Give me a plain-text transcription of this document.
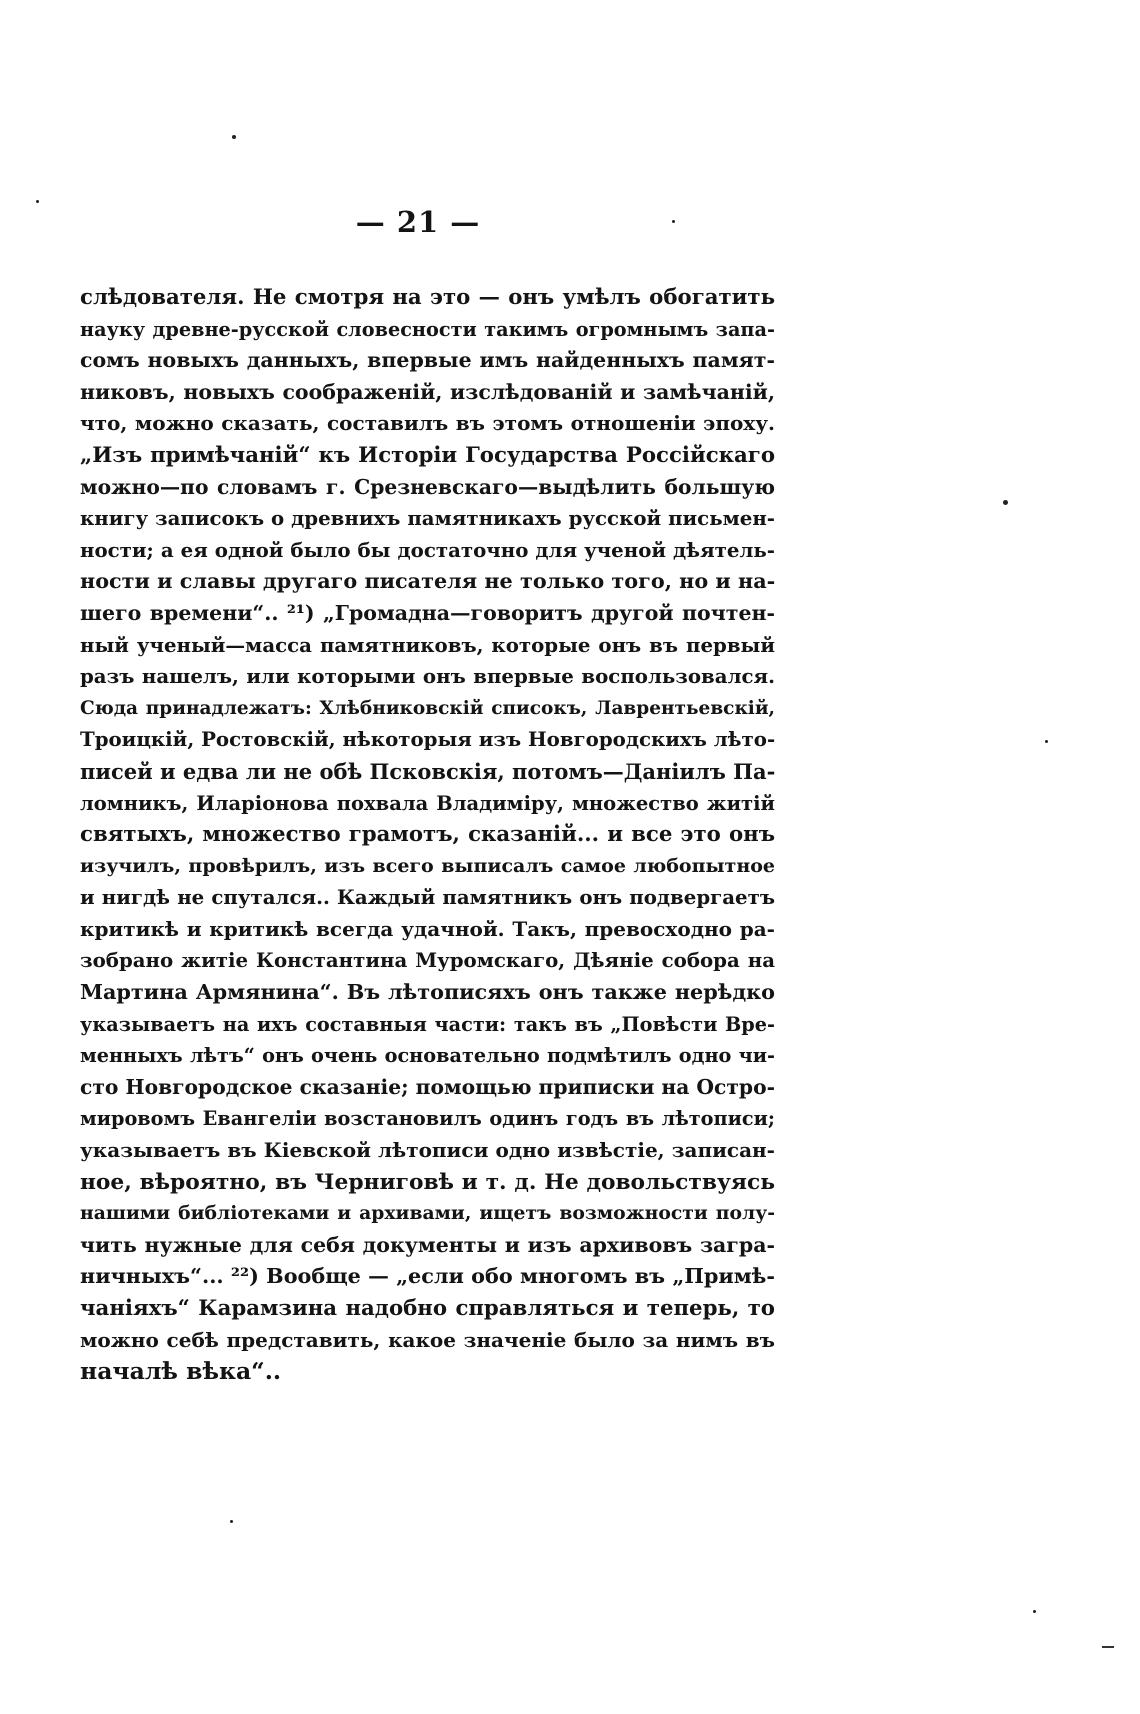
— 21 —
слѣдователя. Не смотря на это — онъ умѣлъ обогатить
науку древне-русской словесности такимъ огромнымъ запа-
сомъ новыхъ данныхъ, впервые имъ найденныхъ памят-
никовъ, новыхъ соображеній, изслѣдованій и замѣчаній,
что, можно сказать, составилъ въ этомъ отношеніи эпоху.
„Изъ примѣчаній“ къ Исторіи Государства Россійскаго
можно—по словамъ г. Срезневскаго—выдѣлить большую
книгу записокъ о древнихъ памятникахъ русской письмен-
ности; а ея одной было бы достаточно для ученой дѣятель-
ности и славы другаго писателя не только того, но и на-
шего времени“.. ²¹) „Громадна—говоритъ другой почтен-
ный ученый—масса памятниковъ, которые онъ въ первый
разъ нашелъ, или которыми онъ впервые воспользовался.
Сюда принадлежатъ: Хлѣбниковскій списокъ, Лаврентьевскій,
Троицкій, Ростовскій, нѣкоторыя изъ Новгородскихъ лѣто-
писей и едва ли не обѣ Псковскія, потомъ—Даніилъ Па-
ломникъ, Иларіонова похвала Владиміру, множество житій
святыхъ, множество грамотъ, сказаній... и все это онъ
изучилъ, провѣрилъ, изъ всего выписалъ самое любопытное
и нигдѣ не спутался.. Каждый памятникъ онъ подвергаетъ
критикѣ и критикѣ всегда удачной. Такъ, превосходно ра-
зобрано житіе Константина Муромскаго, Дѣяніе собора на
Мартина Армянина“. Въ лѣтописяхъ онъ также нерѣдко
указываетъ на ихъ составныя части: такъ въ „Повѣсти Вре-
менныхъ лѣтъ“ онъ очень основательно подмѣтилъ одно чи-
сто Новгородское сказаніе; помощью приписки на Остро-
мировомъ Евангеліи возстановилъ одинъ годъ въ лѣтописи;
указываетъ въ Кіевской лѣтописи одно извѣстіе, записан-
ное, вѣроятно, въ Черниговѣ и т. д. Не довольствуясь
нашими библіотеками и архивами, ищетъ возможности полу-
чить нужные для себя документы и изъ архивовъ загра-
ничныхъ“... ²²) Вообще — „если обо многомъ въ „Примѣ-
чаніяхъ“ Карамзина надобно справляться и теперь, то
можно себѣ представить, какое значеніе было за нимъ въ
началѣ вѣка“..
